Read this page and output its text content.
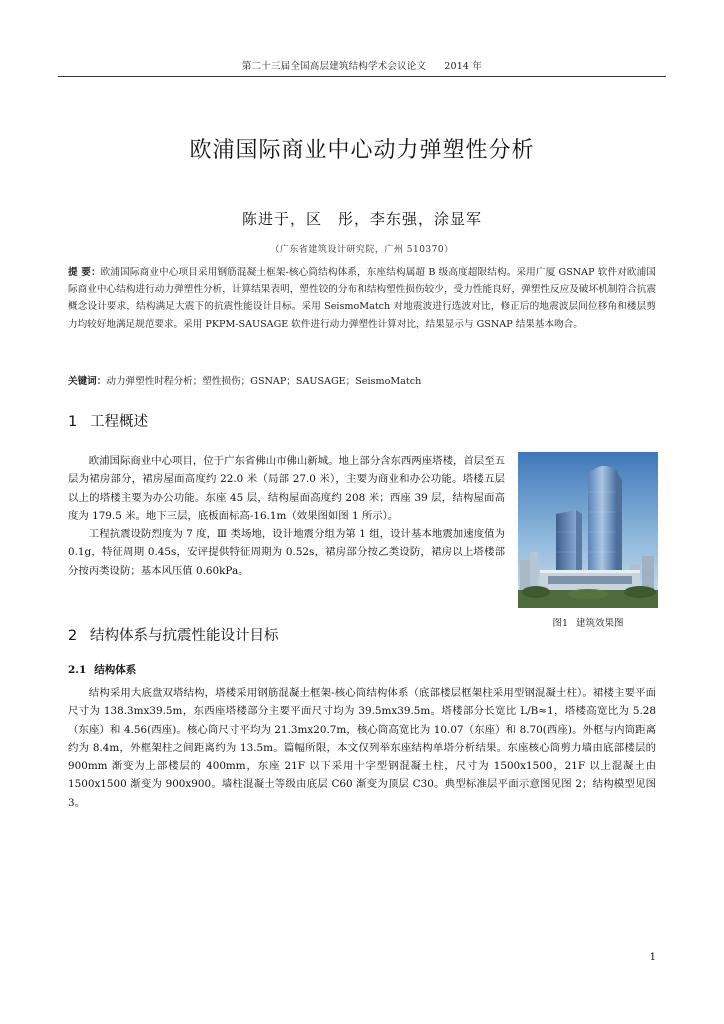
第二十三届全国高层建筑结构学术会议论文 2014 年
欧浦国际商业中心动力弹塑性分析
陈进于，区　彤，李东强，涂显军
（广东省建筑设计研究院，广州 510370）
提 要：欧浦国际商业中心项目采用钢筋混凝土框架-核心筒结构体系，东座结构属超 B 级高度超限结构。采用广厦 GSNAP 软件对欧浦国际商业中心结构进行动力弹塑性分析，计算结果表明，塑性铰的分布和结构塑性损伤较少，受力性能良好，弹塑性反应及破坏机制符合抗震概念设计要求，结构满足大震下的抗震性能设计目标。采用 SeismoMatch 对地震波进行选波对比，修正后的地震波层间位移角和楼层剪力均较好地满足规范要求。采用 PKPM-SAUSAGE 软件进行动力弹塑性计算对比，结果显示与 GSNAP 结果基本吻合。
关键词：动力弹塑性时程分析；塑性损伤；GSNAP；SAUSAGE；SeismoMatch
1 工程概述

欧浦国际商业中心项目，位于广东省佛山市佛山新城。地上部分含东西两座塔楼，首层至五层为裙房部分，裙房屋面高度约 22.0 米（局部 27.0 米），主要为商业和办公功能。塔楼五层以上的塔楼主要为办公功能。东座 45 层，结构屋面高度约 208 米；西座 39 层，结构屋面高度为 179.5 米。地下三层，底板面标高-16.1m（效果图如图 1 所示）。

工程抗震设防烈度为 7 度，Ⅲ 类场地，设计地震分组为第 1 组，设计基本地震加速度值为 0.1g，特征周期 0.45s，安评提供特征周期为 0.52s，裙房部分按乙类设防，裙房以上塔楼部分按丙类设防；基本风压值 0.60kPa。

图1 建筑效果图
2 结构体系与抗震性能设计目标
2.1 结构体系

结构采用大底盘双塔结构，塔楼采用钢筋混凝土框架-核心筒结构体系（底部楼层框架柱采用型钢混凝土柱）。裙楼主要平面尺寸为 138.3mx39.5m，东西座塔楼部分主要平面尺寸均为 39.5mx39.5m。塔楼部分长宽比 L/B≈1，塔楼高宽比为 5.28（东座）和 4.56(西座)。核心筒尺寸平均为 21.3mx20.7m，核心筒高宽比为 10.07（东座）和 8.70(西座)。外框与内筒距离约为 8.4m，外框架柱之间距离约为 13.5m。篇幅所限，本文仅列举东座结构单塔分析结果。东座核心筒剪力墙由底部楼层的 900mm 渐变为上部楼层的 400mm，东座 21F 以下采用十字型钢混凝土柱，尺寸为 1500x1500，21F 以上混凝土由 1500x1500 渐变为 900x900。墙柱混凝土等级由底层 C60 渐变为顶层 C30。典型标准层平面示意图见图 2；结构模型见图 3。

1
